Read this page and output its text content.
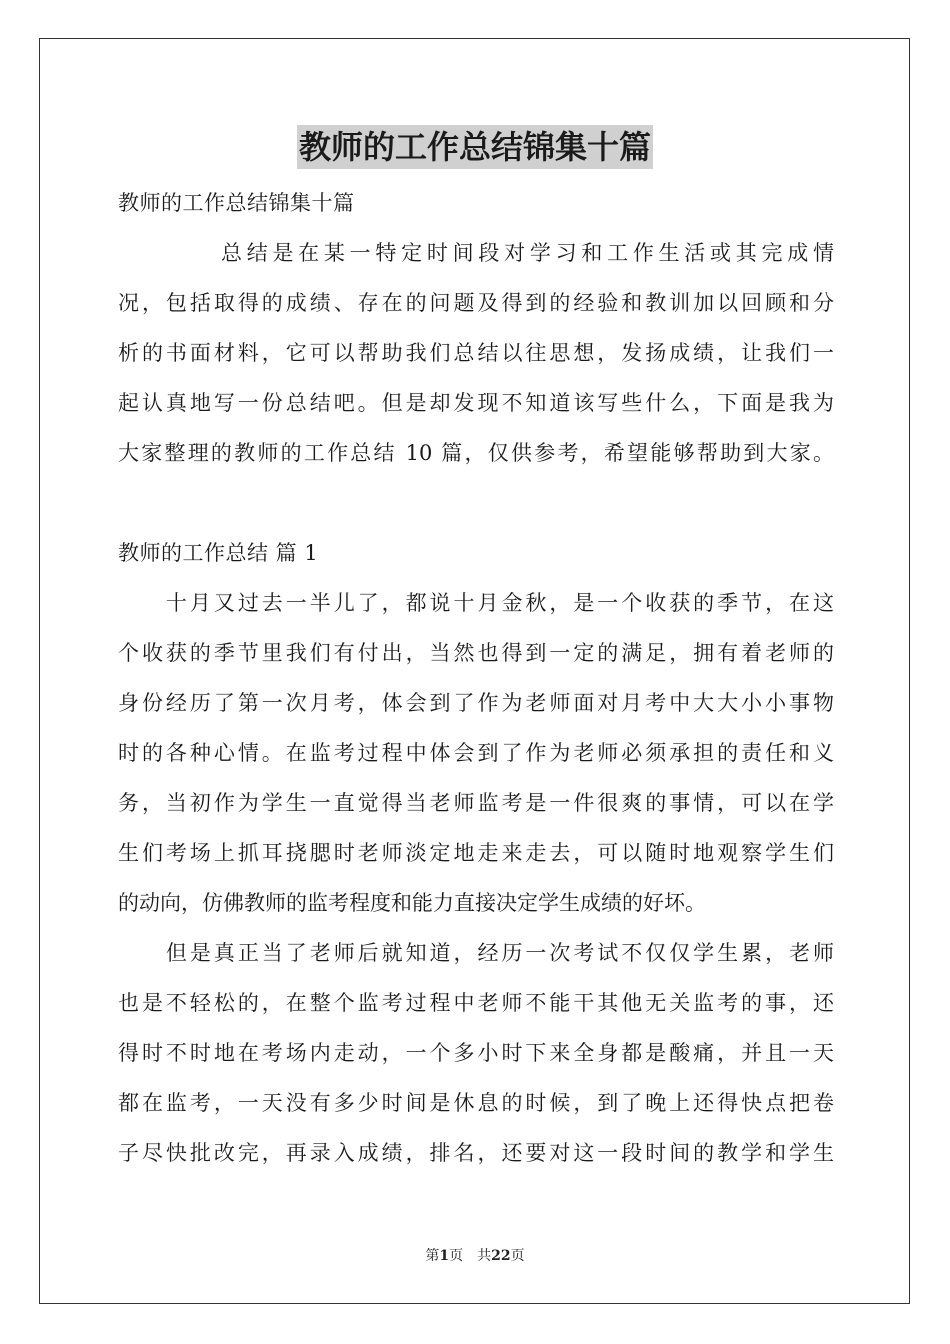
教师的工作总结锦集十篇
教师的工作总结锦集十篇
　　　　总结是在某一特定时间段对学习和工作生活或其完成情
况，包括取得的成绩、存在的问题及得到的经验和教训加以回顾和分
析的书面材料，它可以帮助我们总结以往思想，发扬成绩，让我们一
起认真地写一份总结吧。但是却发现不知道该写些什么，下面是我为
大家整理的教师的工作总结 10 篇，仅供参考，希望能够帮助到大家。
教师的工作总结 篇 1
　　十月又过去一半儿了，都说十月金秋，是一个收获的季节，在这
个收获的季节里我们有付出，当然也得到一定的满足，拥有着老师的
身份经历了第一次月考，体会到了作为老师面对月考中大大小小事物
时的各种心情。在监考过程中体会到了作为老师必须承担的责任和义
务，当初作为学生一直觉得当老师监考是一件很爽的事情，可以在学
生们考场上抓耳挠腮时老师淡定地走来走去，可以随时地观察学生们
的动向，仿佛教师的监考程度和能力直接决定学生成绩的好坏。
　　但是真正当了老师后就知道，经历一次考试不仅仅学生累，老师
也是不轻松的，在整个监考过程中老师不能干其他无关监考的事，还
得时不时地在考场内走动，一个多小时下来全身都是酸痛，并且一天
都在监考，一天没有多少时间是休息的时候，到了晚上还得快点把卷
子尽快批改完，再录入成绩，排名，还要对这一段时间的教学和学生
第1页　共22页
